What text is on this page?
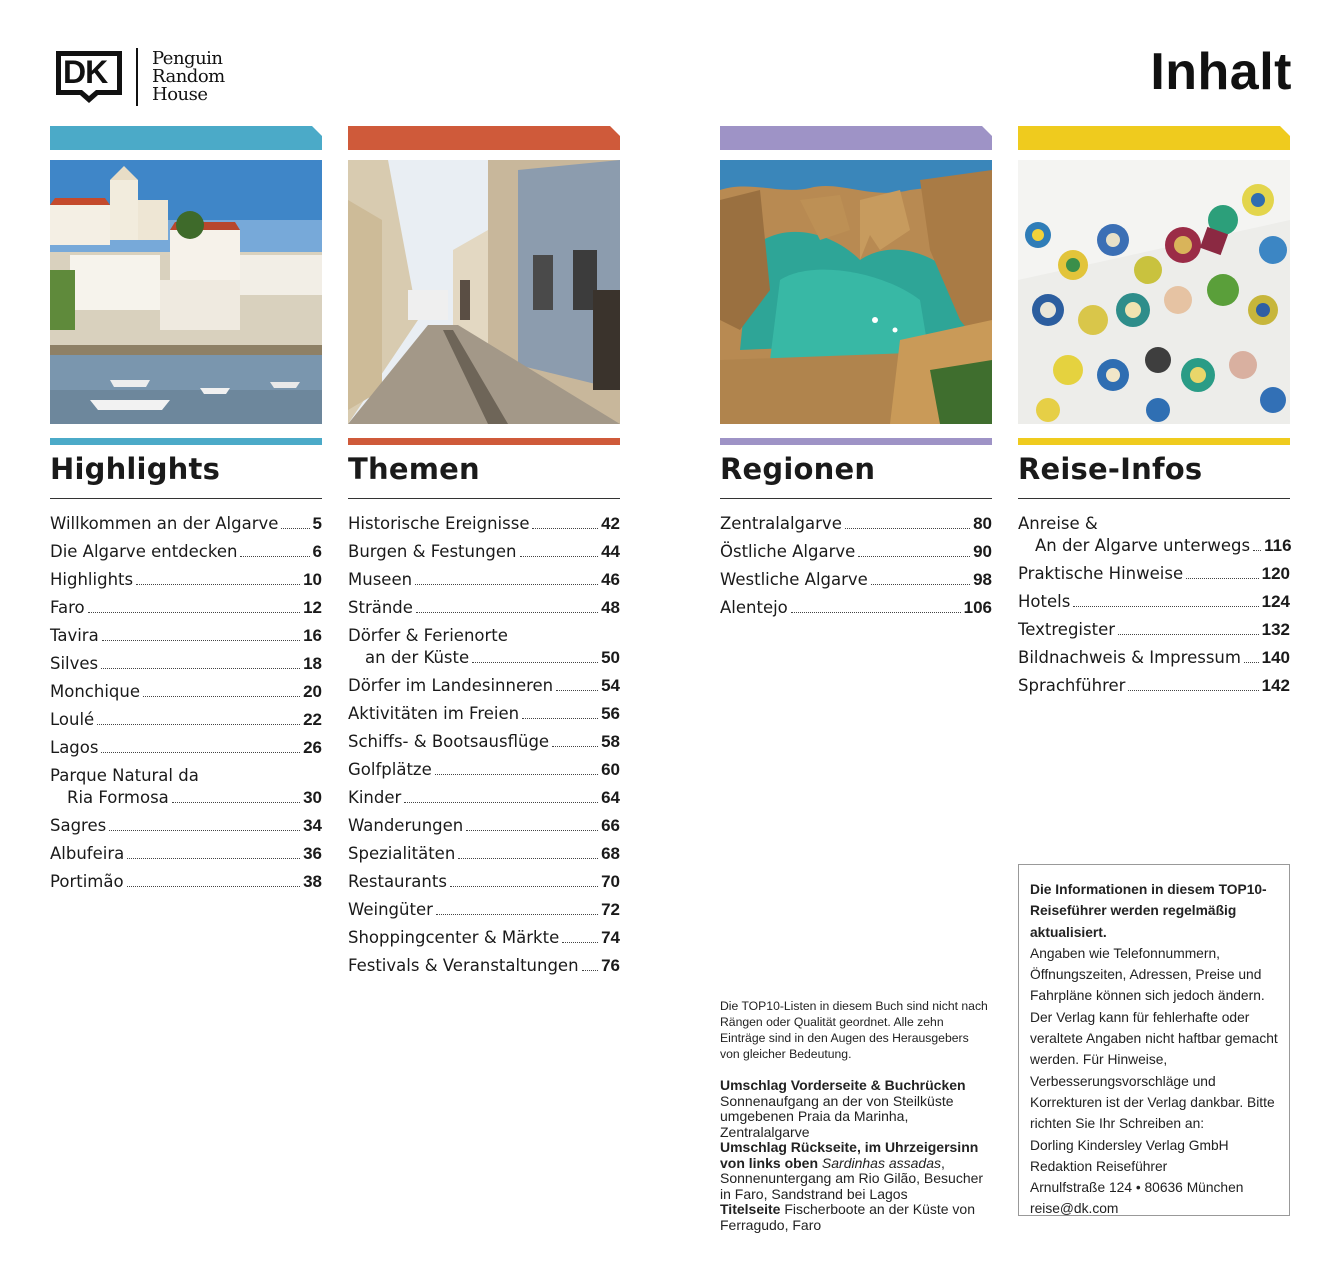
DK Penguin
Random
House	Inhalt
Highlights
Willkommen an der Algarve 5
Die Algarve entdecken	6
Highlights	10
Faro	12
Tavira	16
Silves	18
Monchique	20
Loulé	22
Lagos	26
Parque Natural da
Ria Formosa	30
Sagres	34
Albufeira	36
Portimão	38
Themen
Historische Ereignisse	42
Burgen & Festungen	44
Museen	46
Strände	48
Dörfer & Ferienorte
an der Küste	50
Dörfer im Landesinneren	54
Aktivitäten im Freien	56
Schiffs- & Bootsausflüge	58
Golfplätze	60
Kinder	64
Wanderungen	66
Spezialitäten	68
Restaurants	70
Weingüter	72
Shoppingcenter & Märkte 74
Festivals & Veranstaltungen 76
Regionen
Zentralalgarve	80
Östliche Algarve	90
Westliche Algarve	98
Alentejo	106
Reise-Infos
Anreise &
An der Algarve unterwegs 116
Praktische Hinweise	120
Hotels	124
Textregister	132
Bildnachweis & Impressum 140
Sprachführer	142

Die TOP10-Listen in diesem Buch sind nicht nach Rängen oder Qualität geordnet. Alle zehn Einträge sind in den Augen des Herausgebers von gleicher Bedeutung.

Umschlag Vorderseite & Buchrücken
Sonnenaufgang an der von Steilküste umgebenen Praia da Marinha, Zentralalgarve
Umschlag Rückseite, im Uhrzeigersinn von links oben Sardinhas assadas, Sonnenuntergang am Rio Gilão, Besucher in Faro, Sandstrand bei Lagos
Titelseite Fischerboote an der Küste von Ferragudo, Faro

Die Informationen in diesem TOP10-Reiseführer werden regelmäßig aktualisiert.

Angaben wie Telefonnummern, Öffnungszeiten, Adressen, Preise und Fahrpläne können sich jedoch ändern. Der Verlag kann für fehlerhafte oder veraltete Angaben nicht haftbar gemacht werden. Für Hinweise, Verbesserungsvorschläge und Korrekturen ist der Verlag dankbar. Bitte richten Sie Ihr Schreiben an:

Dorling Kindersley Verlag GmbH

Redaktion Reiseführer

Arnulfstraße 124 • 80636 München

reise@dk.com
